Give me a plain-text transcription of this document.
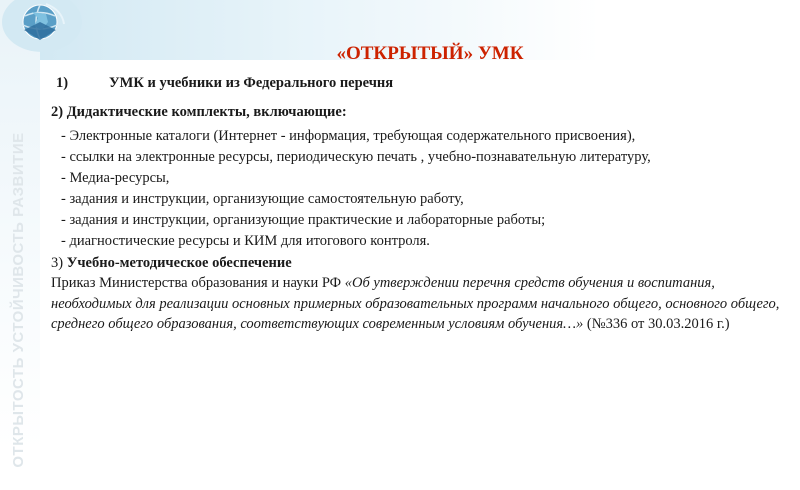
ОТКРЫТОСТЬ УСТОЙЧИВОСТЬ РАЗВИТИЕ
«ОТКРЫТЫЙ» УМК
1)	УМК и учебники из Федерального перечня
2) Дидактические комплекты, включающие:
- Электронные каталоги (Интернет - информация, требующая содержательного присвоения),
- ссылки на электронные ресурсы, периодическую печать , учебно-познавательную литературу,
- Медиа-ресурсы,
- задания и инструкции, организующие самостоятельную работу,
- задания и инструкции, организующие практические и лабораторные работы;
- диагностические ресурсы и КИМ для итогового контроля.
3) Учебно-методическое обеспечение
Приказ Министерства образования и науки РФ «Об утверждении перечня средств обучения и воспитания, необходимых для реализации основных примерных образовательных программ начального общего, основного общего, среднего общего образования, соответствующих современным условиям обучения…» (№336 от 30.03.2016 г.)
